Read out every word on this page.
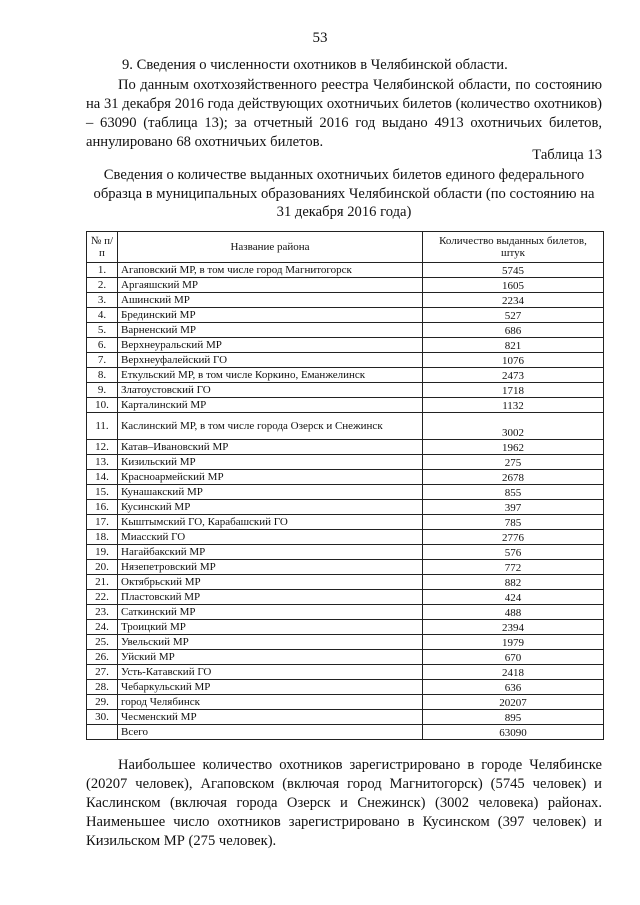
53
9. Сведения о численности охотников в Челябинской области.
По данным охотхозяйственного реестра Челябинской области, по состоянию на 31 декабря 2016 года действующих охотничьих билетов (количество охотников) – 63090 (таблица 13); за отчетный 2016 год выдано 4913 охотничьих билетов, аннулировано 68 охотничьих билетов.
Таблица 13
Сведения о количестве выданных охотничьих билетов единого федерального образца в муниципальных образованиях Челябинской области (по состоянию на 31 декабря 2016 года)
№ п/п	Название района	Количество выданных билетов, штук
1.	Агаповский МР, в том числе город Магнитогорск	5745
2.	Аргаяшский МР	1605
3.	Ашинский МР	2234
4.	Брединский МР	527
5.	Варненский МР	686
6.	Верхнеуральский МР	821
7.	Верхнеуфалейский ГО	1076
8.	Еткульский МР, в том числе Коркино, Еманжелинск	2473
9.	Златоустовский ГО	1718
10.	Карталинский МР	1132
11.	Каслинский МР, в том числе города Озерск и Снежинск	3002
12.	Катав–Ивановский МР	1962
13.	Кизильский МР	275
14.	Красноармейский МР	2678
15.	Кунашакский МР	855
16.	Кусинский МР	397
17.	Кыштымский ГО, Карабашский ГО	785
18.	Миасский ГО	2776
19.	Нагайбакский МР	576
20.	Нязепетровский МР	772
21.	Октябрьский МР	882
22.	Пластовский МР	424
23.	Саткинский МР	488
24.	Троицкий МР	2394
25.	Увельский МР	1979
26.	Уйский МР	670
27.	Усть-Катавский ГО	2418
28.	Чебаркульский МР	636
29.	город Челябинск	20207
30.	Чесменский МР	895
	Всего	63090
Наибольшее количество охотников зарегистрировано в городе Челябинске (20207 человек), Агаповском (включая город Магнитогорск) (5745 человек) и Каслинском (включая города Озерск и Снежинск) (3002 человека) районах. Наименьшее число охотников зарегистрировано в Кусинском (397 человек) и Кизильском МР (275 человек).
